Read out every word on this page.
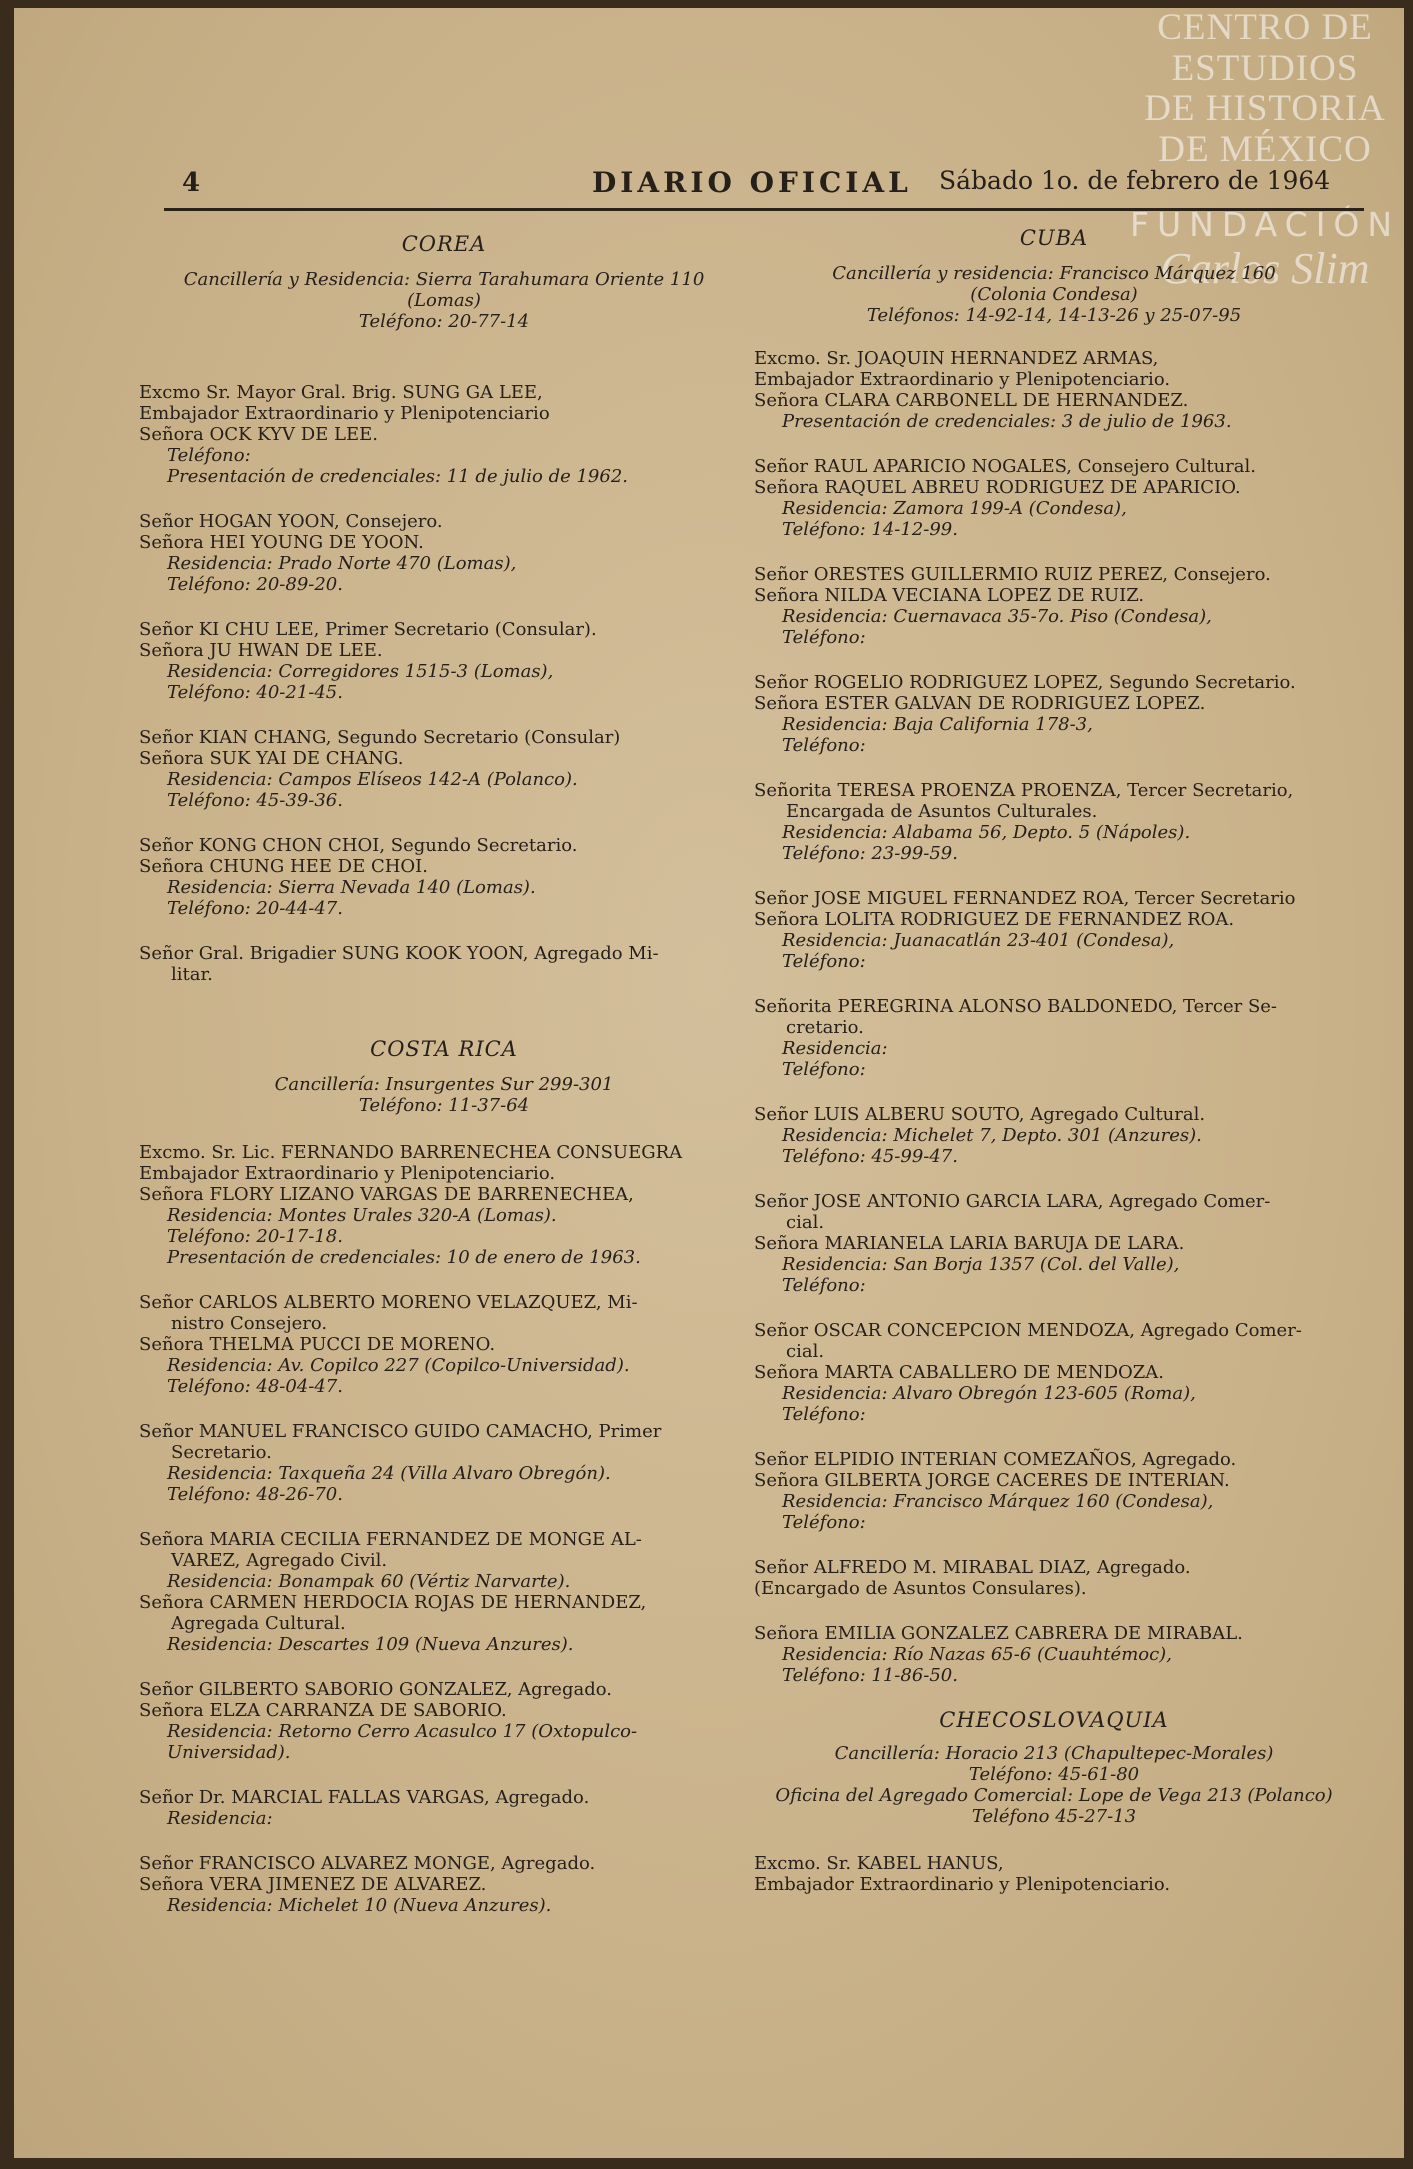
CENTRO DE
ESTUDIOS
DE HISTORIA
DE MÉXICO
FUNDACIÓN
Carlos Slim
4	DIARIO OFICIAL Sábado 1o. de febrero de 1964
COREA
Cancillería y Residencia: Sierra Tarahumara Oriente 110
(Lomas)
Teléfono: 20-77-14
Excmo Sr. Mayor Gral. Brig. SUNG GA LEE,
Embajador Extraordinario y Plenipotenciario
Señora OCK KYV DE LEE.
Teléfono:
Presentación de credenciales: 11 de julio de 1962.
Señor HOGAN YOON, Consejero.
Señora HEI YOUNG DE YOON.
Residencia: Prado Norte 470 (Lomas),
Teléfono: 20-89-20.
Señor KI CHU LEE, Primer Secretario (Consular).
Señora JU HWAN DE LEE.
Residencia: Corregidores 1515-3 (Lomas),
Teléfono: 40-21-45.
Señor KIAN CHANG, Segundo Secretario (Consular)
Señora SUK YAI DE CHANG.
Residencia: Campos Elíseos 142-A (Polanco).
Teléfono: 45-39-36.
Señor KONG CHON CHOI, Segundo Secretario.
Señora CHUNG HEE DE CHOI.
Residencia: Sierra Nevada 140 (Lomas).
Teléfono: 20-44-47.
Señor Gral. Brigadier SUNG KOOK YOON, Agregado Mi-
litar.
COSTA RICA
Cancillería: Insurgentes Sur 299-301
Teléfono: 11-37-64
Excmo. Sr. Lic. FERNANDO BARRENECHEA CONSUEGRA
Embajador Extraordinario y Plenipotenciario.
Señora FLORY LIZANO VARGAS DE BARRENECHEA,
Residencia: Montes Urales 320-A (Lomas).
Teléfono: 20-17-18.
Presentación de credenciales: 10 de enero de 1963.
Señor CARLOS ALBERTO MORENO VELAZQUEZ, Mi-
nistro Consejero.
Señora THELMA PUCCI DE MORENO.
Residencia: Av. Copilco 227 (Copilco-Universidad).
Teléfono: 48-04-47.
Señor MANUEL FRANCISCO GUIDO CAMACHO, Primer
Secretario.
Residencia: Taxqueña 24 (Villa Alvaro Obregón).
Teléfono: 48-26-70.
Señora MARIA CECILIA FERNANDEZ DE MONGE AL-
VAREZ, Agregado Civil.
Residencia: Bonampak 60 (Vértiz Narvarte).
Señora CARMEN HERDOCIA ROJAS DE HERNANDEZ,
Agregada Cultural.
Residencia: Descartes 109 (Nueva Anzures).
Señor GILBERTO SABORIO GONZALEZ, Agregado.
Señora ELZA CARRANZA DE SABORIO.
Residencia: Retorno Cerro Acasulco 17 (Oxtopulco-
Universidad).
Señor Dr. MARCIAL FALLAS VARGAS, Agregado.
Residencia:
Señor FRANCISCO ALVAREZ MONGE, Agregado.
Señora VERA JIMENEZ DE ALVAREZ.
Residencia: Michelet 10 (Nueva Anzures).
CUBA
Cancillería y residencia: Francisco Márquez 160
(Colonia Condesa)
Teléfonos: 14-92-14, 14-13-26 y 25-07-95
Excmo. Sr. JOAQUIN HERNANDEZ ARMAS,
Embajador Extraordinario y Plenipotenciario.
Señora CLARA CARBONELL DE HERNANDEZ.
Presentación de credenciales: 3 de julio de 1963.
Señor RAUL APARICIO NOGALES, Consejero Cultural.
Señora RAQUEL ABREU RODRIGUEZ DE APARICIO.
Residencia: Zamora 199-A (Condesa),
Teléfono: 14-12-99.
Señor ORESTES GUILLERMIO RUIZ PEREZ, Consejero.
Señora NILDA VECIANA LOPEZ DE RUIZ.
Residencia: Cuernavaca 35-7o. Piso (Condesa),
Teléfono:
Señor ROGELIO RODRIGUEZ LOPEZ, Segundo Secretario.
Señora ESTER GALVAN DE RODRIGUEZ LOPEZ.
Residencia: Baja California 178-3,
Teléfono:
Señorita TERESA PROENZA PROENZA, Tercer Secretario,
Encargada de Asuntos Culturales.
Residencia: Alabama 56, Depto. 5 (Nápoles).
Teléfono: 23-99-59.
Señor JOSE MIGUEL FERNANDEZ ROA, Tercer Secretario
Señora LOLITA RODRIGUEZ DE FERNANDEZ ROA.
Residencia: Juanacatlán 23-401 (Condesa),
Teléfono:
Señorita PEREGRINA ALONSO BALDONEDO, Tercer Se-
cretario.
Residencia:
Teléfono:
Señor LUIS ALBERU SOUTO, Agregado Cultural.
Residencia: Michelet 7, Depto. 301 (Anzures).
Teléfono: 45-99-47.
Señor JOSE ANTONIO GARCIA LARA, Agregado Comer-
cial.
Señora MARIANELA LARIA BARUJA DE LARA.
Residencia: San Borja 1357 (Col. del Valle),
Teléfono:
Señor OSCAR CONCEPCION MENDOZA, Agregado Comer-
cial.
Señora MARTA CABALLERO DE MENDOZA.
Residencia: Alvaro Obregón 123-605 (Roma),
Teléfono:
Señor ELPIDIO INTERIAN COMEZAÑOS, Agregado.
Señora GILBERTA JORGE CACERES DE INTERIAN.
Residencia: Francisco Márquez 160 (Condesa),
Teléfono:
Señor ALFREDO M. MIRABAL DIAZ, Agregado.
(Encargado de Asuntos Consulares).
Señora EMILIA GONZALEZ CABRERA DE MIRABAL.
Residencia: Río Nazas 65-6 (Cuauhtémoc),
Teléfono: 11-86-50.
CHECOSLOVAQUIA
Cancillería: Horacio 213 (Chapultepec-Morales)
Teléfono: 45-61-80
Oficina del Agregado Comercial: Lope de Vega 213 (Polanco)
Teléfono 45-27-13
Excmo. Sr. KABEL HANUS,
Embajador Extraordinario y Plenipotenciario.
